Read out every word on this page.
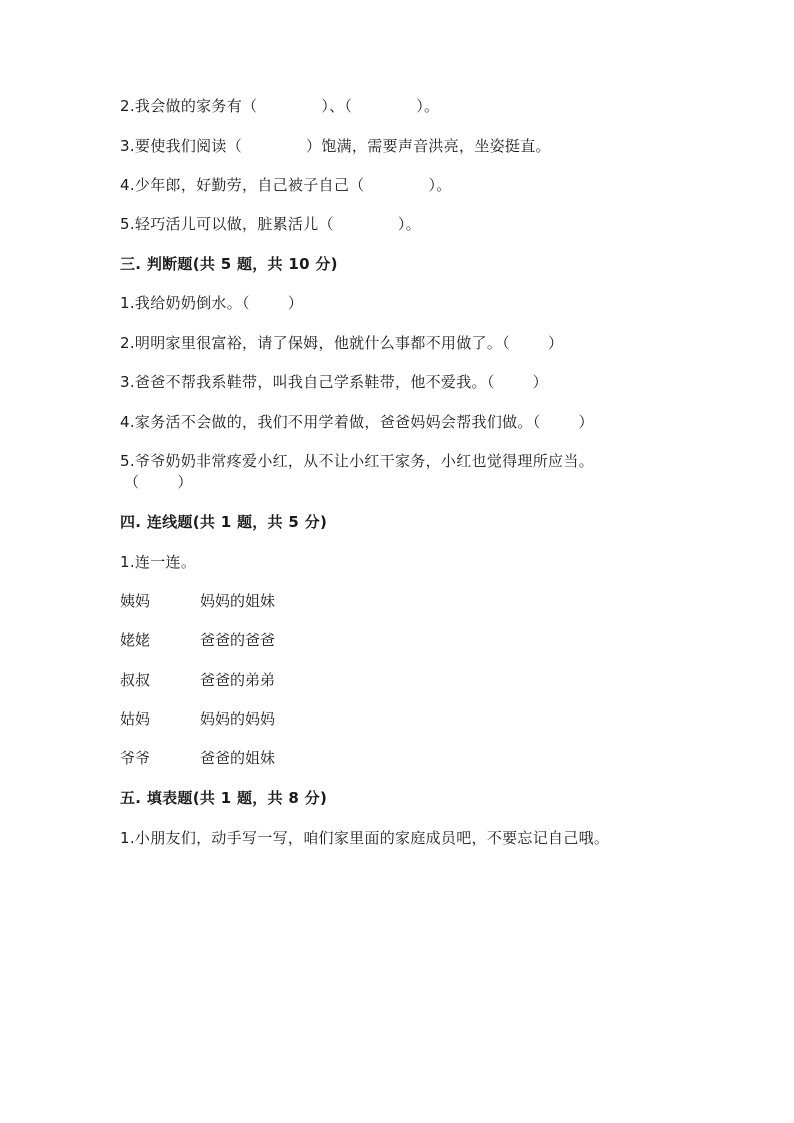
2.我会做的家务有（	）、（	）。
3.要使我们阅读（	）饱满，需要声音洪亮，坐姿挺直。
4.少年郎，好勤劳，自己被子自己（	）。
5.轻巧活儿可以做，脏累活儿（	）。
三. 判断题(共 5 题，共 10 分)
1.我给奶奶倒水。（	）
2.明明家里很富裕，请了保姆，他就什么事都不用做了。（	）
3.爸爸不帮我系鞋带，叫我自己学系鞋带，他不爱我。（	）
4.家务活不会做的，我们不用学着做，爸爸妈妈会帮我们做。（	）
5.爷爷奶奶非常疼爱小红，从不让小红干家务，小红也觉得理所应当。
（	）
四. 连线题(共 1 题，共 5 分)
1.连一连。
姨妈	妈妈的姐妹
姥姥	爸爸的爸爸
叔叔	爸爸的弟弟
姑妈	妈妈的妈妈
爷爷	爸爸的姐妹
五. 填表题(共 1 题，共 8 分)
1.小朋友们，动手写一写，咱们家里面的家庭成员吧，不要忘记自己哦。
